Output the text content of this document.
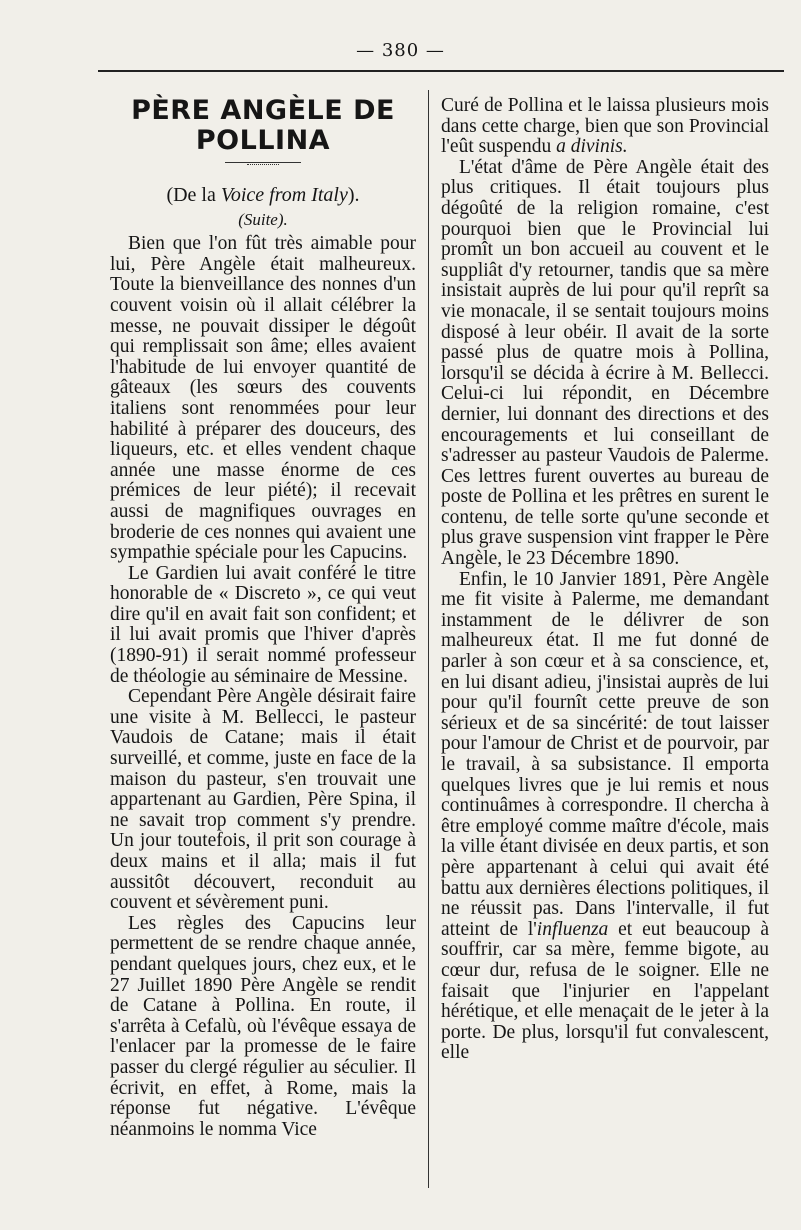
— 380 —
PÈRE ANGÈLE DE POLLINA
(De la Voice from Italy).
(Suite).

Bien que l'on fût très aimable pour lui, Père Angèle était malheureux. Toute la bienveillance des nonnes d'un couvent voisin où il allait célébrer la messe, ne pouvait dissiper le dégoût qui remplissait son âme; elles avaient l'habitude de lui envoyer quantité de gâteaux (les sœurs des couvents italiens sont renommées pour leur habilité à préparer des douceurs, des liqueurs, etc. et elles vendent chaque année une masse énorme de ces prémices de leur piété); il recevait aussi de magnifiques ouvrages en broderie de ces nonnes qui avaient une sympathie spéciale pour les Capucins.

Le Gardien lui avait conféré le titre honorable de « Discreto », ce qui veut dire qu'il en avait fait son confident; et il lui avait promis que l'hiver d'après (1890-91) il serait nommé professeur de théologie au séminaire de Messine.

Cependant Père Angèle désirait faire une visite à M. Bellecci, le pasteur Vaudois de Catane; mais il était surveillé, et comme, juste en face de la maison du pasteur, s'en trouvait une appartenant au Gardien, Père Spina, il ne savait trop comment s'y prendre. Un jour toutefois, il prit son courage à deux mains et il alla; mais il fut aussitôt découvert, reconduit au couvent et sévèrement puni.

Les règles des Capucins leur permettent de se rendre chaque année, pendant quelques jours, chez eux, et le 27 Juillet 1890 Père Angèle se rendit de Catane à Pollina. En route, il s'arrêta à Cefalù, où l'évêque essaya de l'enlacer par la promesse de le faire passer du clergé régulier au séculier. Il écrivit, en effet, à Rome, mais la réponse fut négative. L'évêque néanmoins le nomma Vice

Curé de Pollina et le laissa plusieurs mois dans cette charge, bien que son Provincial l'eût suspendu a divinis.

L'état d'âme de Père Angèle était des plus critiques. Il était toujours plus dégoûté de la religion romaine, c'est pourquoi bien que le Provincial lui promît un bon accueil au couvent et le suppliât d'y retourner, tandis que sa mère insistait auprès de lui pour qu'il reprît sa vie monacale, il se sentait toujours moins disposé à leur obéir. Il avait de la sorte passé plus de quatre mois à Pollina, lorsqu'il se décida à écrire à M. Bellecci. Celui-ci lui répondit, en Décembre dernier, lui donnant des directions et des encouragements et lui conseillant de s'adresser au pasteur Vaudois de Palerme. Ces lettres furent ouvertes au bureau de poste de Pollina et les prêtres en surent le contenu, de telle sorte qu'une seconde et plus grave suspension vint frapper le Père Angèle, le 23 Décembre 1890.

Enfin, le 10 Janvier 1891, Père Angèle me fit visite à Palerme, me demandant instamment de le délivrer de son malheureux état. Il me fut donné de parler à son cœur et à sa conscience, et, en lui disant adieu, j'insistai auprès de lui pour qu'il fournît cette preuve de son sérieux et de sa sincérité: de tout laisser pour l'amour de Christ et de pourvoir, par le travail, à sa subsistance. Il emporta quelques livres que je lui remis et nous continuâmes à correspondre. Il chercha à être employé comme maître d'école, mais la ville étant divisée en deux partis, et son père appartenant à celui qui avait été battu aux dernières élections politiques, il ne réussit pas. Dans l'intervalle, il fut atteint de l'influenza et eut beaucoup à souffrir, car sa mère, femme bigote, au cœur dur, refusa de le soigner. Elle ne faisait que l'injurier en l'appelant hérétique, et elle menaçait de le jeter à la porte. De plus, lorsqu'il fut convalescent, elle
